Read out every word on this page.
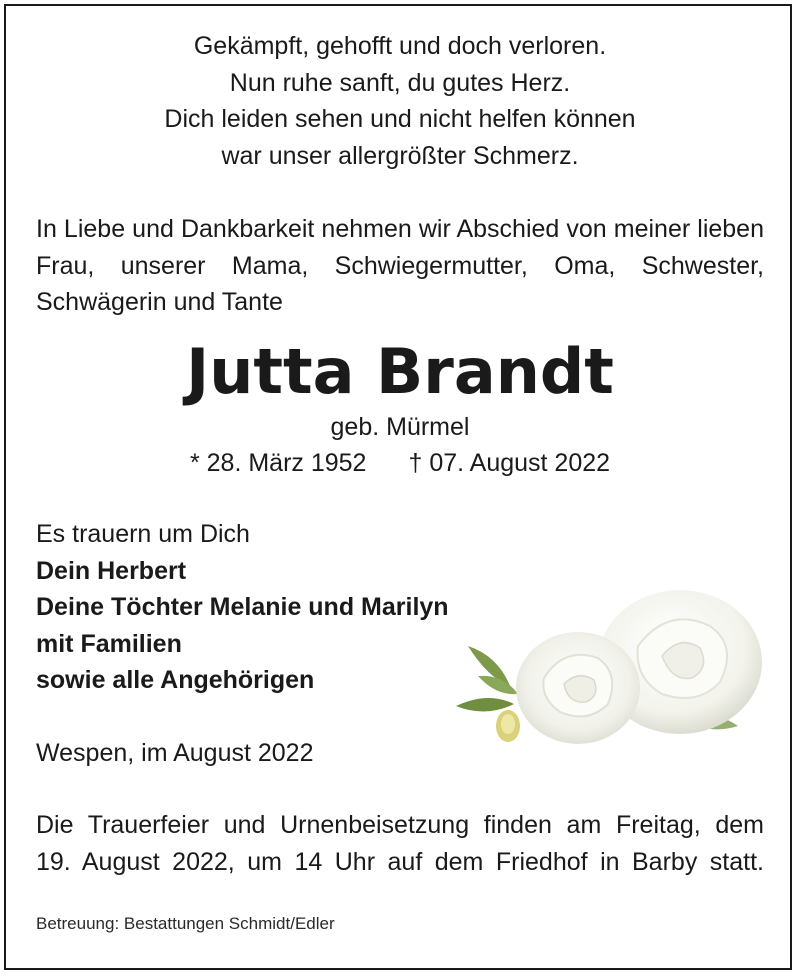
Gekämpft, gehofft und doch verloren.
Nun ruhe sanft, du gutes Herz.
Dich leiden sehen und nicht helfen können
war unser allergrößter Schmerz.
In Liebe und Dankbarkeit nehmen wir Abschied von meiner lieben Frau, unserer Mama, Schwiegermutter, Oma, Schwester, Schwägerin und Tante
Jutta Brandt
geb. Mürmel
* 28. März 1952 † 07. August 2022
Es trauern um Dich
Dein Herbert
Deine Töchter Melanie und Marilyn
mit Familien
sowie alle Angehörigen
Wespen, im August 2022
Die Trauerfeier und Urnenbeisetzung finden am Freitag, dem
19. August 2022, um 14 Uhr auf dem Friedhof in Barby statt.
Betreuung: Bestattungen Schmidt/Edler
